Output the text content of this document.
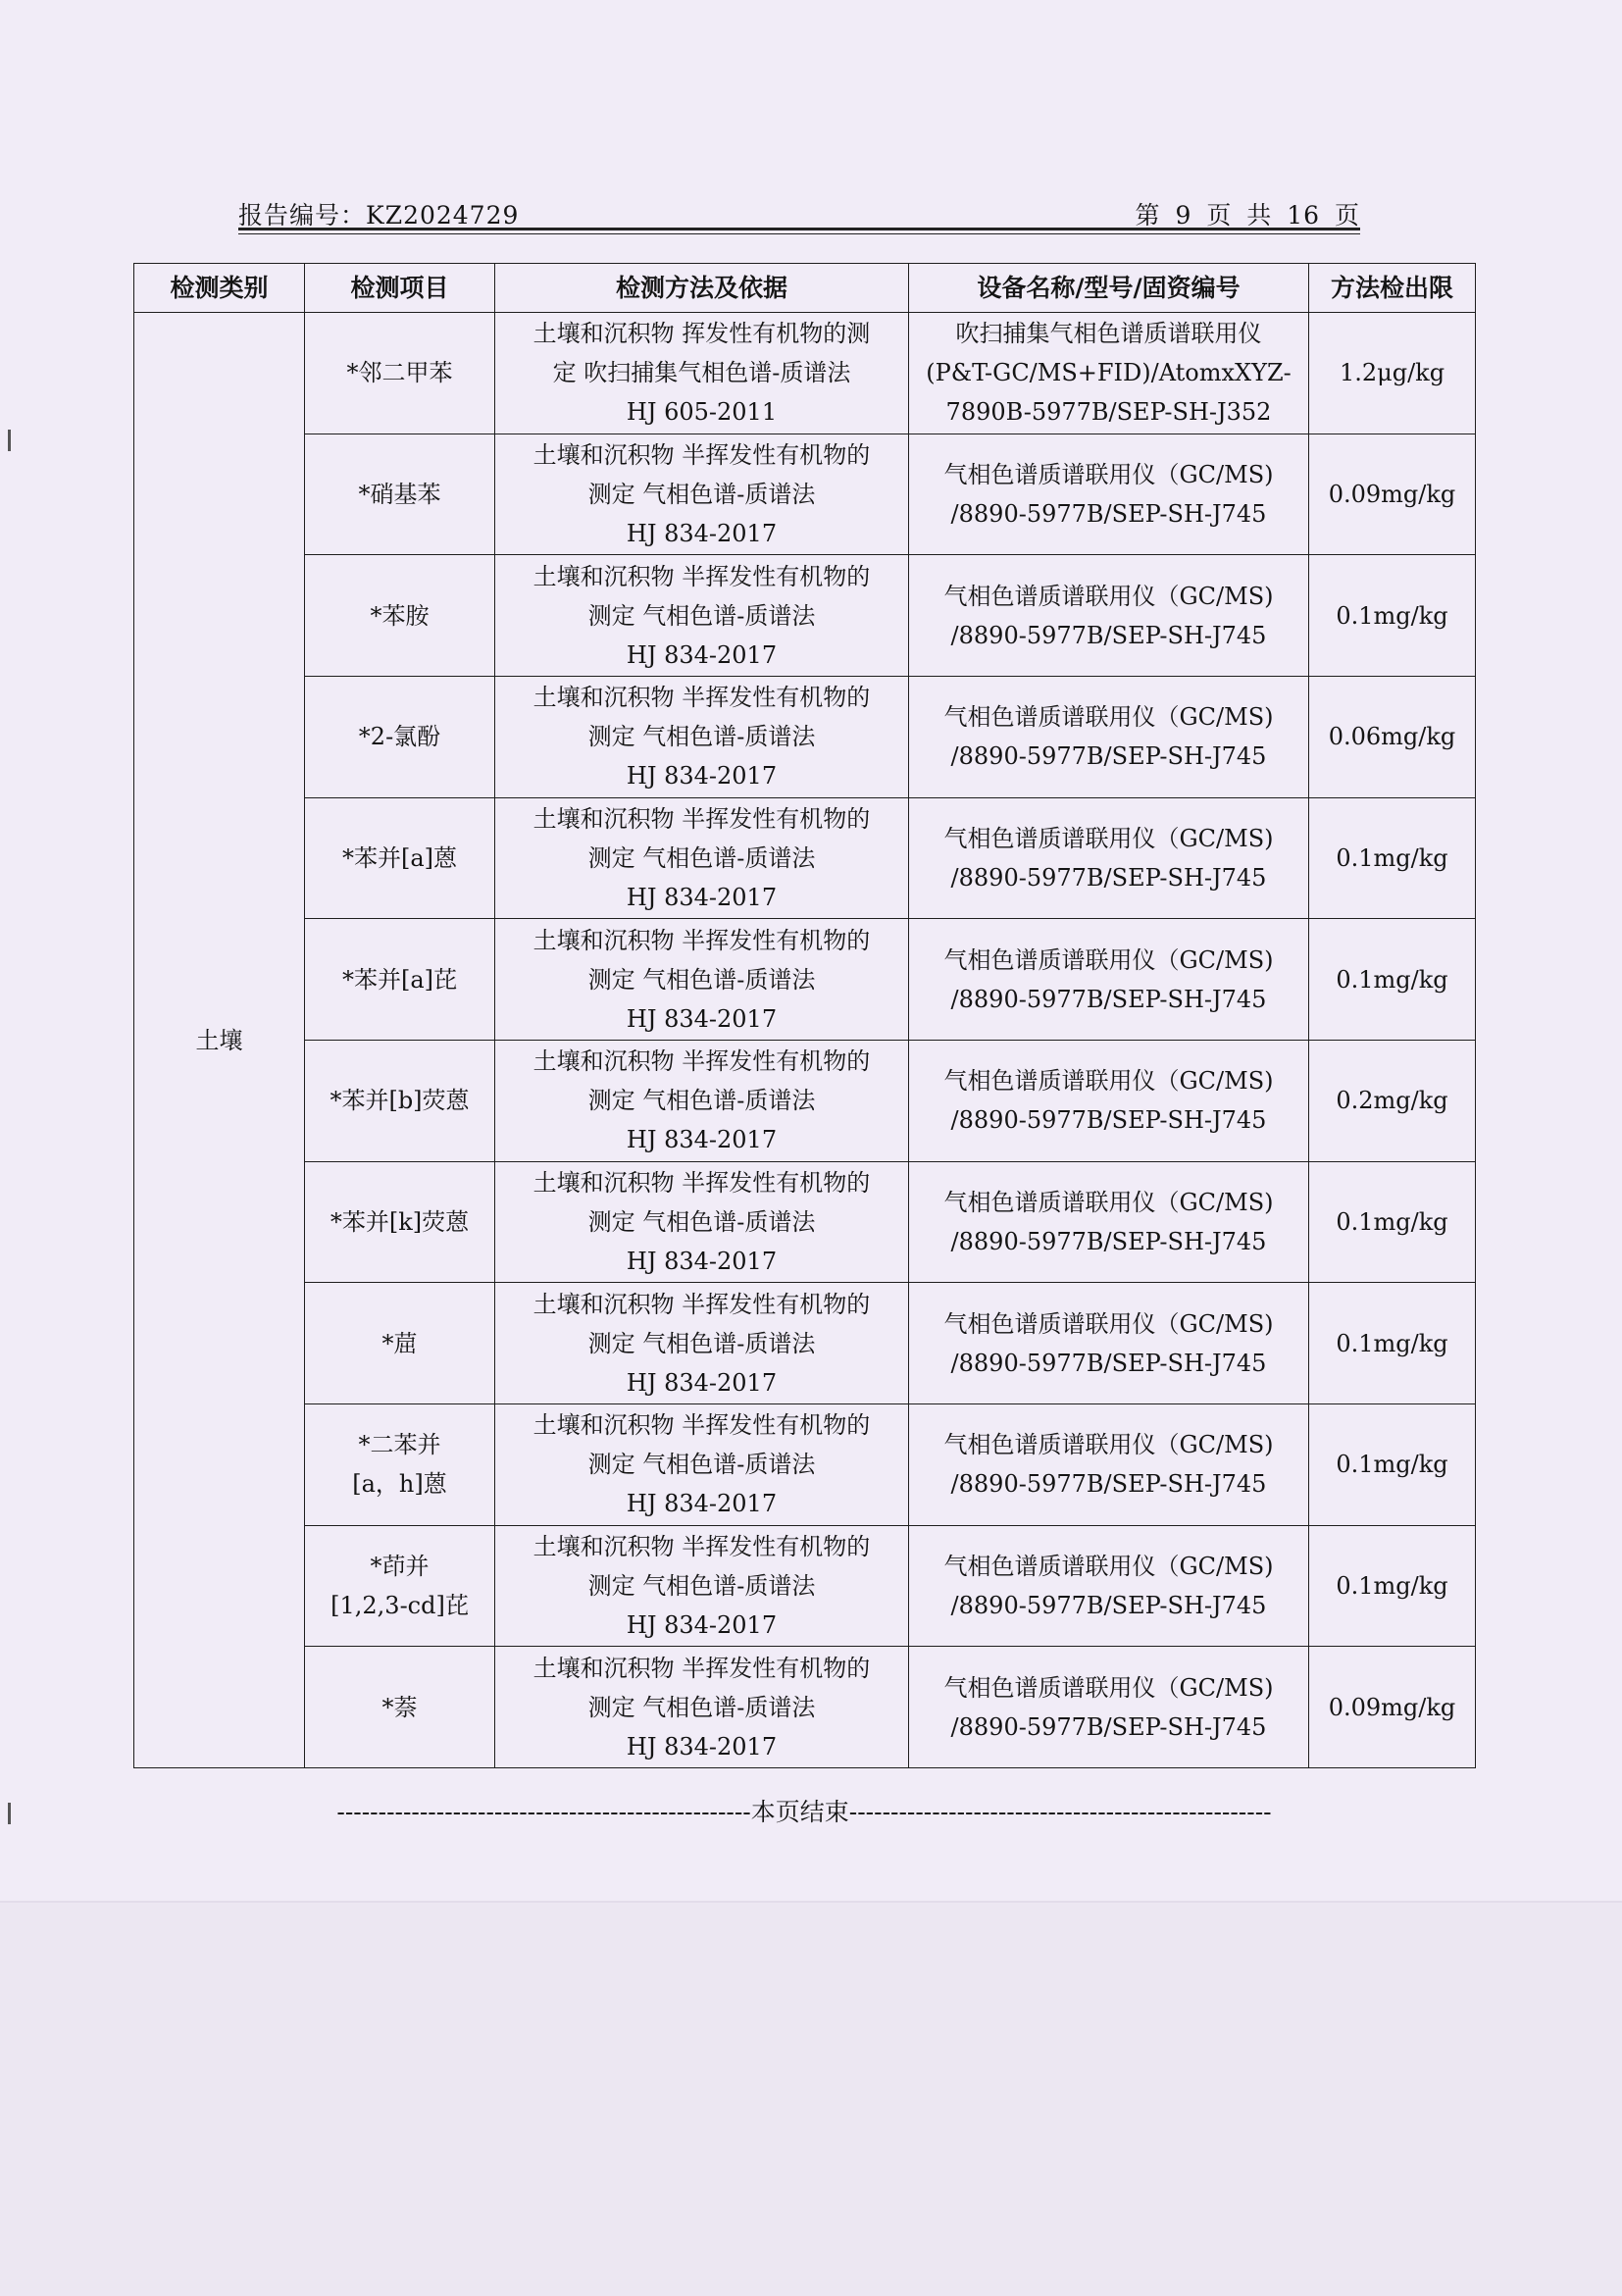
报告编号：KZ2024729	第 9 页 共 16 页
检测类别	检测项目	检测方法及依据	设备名称/型号/固资编号	方法检出限
土壤	*邻二甲苯	土壤和沉积物 挥发性有机物的测
定 吹扫捕集气相色谱-质谱法
HJ 605-2011	吹扫捕集气相色谱质谱联用仪
(P&T-GC/MS+FID)/AtomxXYZ-
7890B-5977B/SEP-SH-J352	1.2μg/kg

	*硝基苯	土壤和沉积物 半挥发性有机物的
测定 气相色谱-质谱法
HJ 834-2017	气相色谱质谱联用仪（GC/MS)
/8890-5977B/SEP-SH-J745	0.09mg/kg

	*苯胺	土壤和沉积物 半挥发性有机物的
测定 气相色谱-质谱法
HJ 834-2017	气相色谱质谱联用仪（GC/MS)
/8890-5977B/SEP-SH-J745	0.1mg/kg

	*2-氯酚	土壤和沉积物 半挥发性有机物的
测定 气相色谱-质谱法
HJ 834-2017	气相色谱质谱联用仪（GC/MS)
/8890-5977B/SEP-SH-J745	0.06mg/kg

	*苯并[a]蒽	土壤和沉积物 半挥发性有机物的
测定 气相色谱-质谱法
HJ 834-2017	气相色谱质谱联用仪（GC/MS)
/8890-5977B/SEP-SH-J745	0.1mg/kg

	*苯并[a]芘	土壤和沉积物 半挥发性有机物的
测定 气相色谱-质谱法
HJ 834-2017	气相色谱质谱联用仪（GC/MS)
/8890-5977B/SEP-SH-J745	0.1mg/kg

	*苯并[b]荧蒽	土壤和沉积物 半挥发性有机物的
测定 气相色谱-质谱法
HJ 834-2017	气相色谱质谱联用仪（GC/MS)
/8890-5977B/SEP-SH-J745	0.2mg/kg

	*苯并[k]荧蒽	土壤和沉积物 半挥发性有机物的
测定 气相色谱-质谱法
HJ 834-2017	气相色谱质谱联用仪（GC/MS)
/8890-5977B/SEP-SH-J745	0.1mg/kg

	*䓛	土壤和沉积物 半挥发性有机物的
测定 气相色谱-质谱法
HJ 834-2017	气相色谱质谱联用仪（GC/MS)
/8890-5977B/SEP-SH-J745	0.1mg/kg

	*二苯并
[a，h]蒽	土壤和沉积物 半挥发性有机物的
测定 气相色谱-质谱法
HJ 834-2017	气相色谱质谱联用仪（GC/MS)
/8890-5977B/SEP-SH-J745	0.1mg/kg

	*茚并
[1,2,3-cd]芘	土壤和沉积物 半挥发性有机物的
测定 气相色谱-质谱法
HJ 834-2017	气相色谱质谱联用仪（GC/MS)
/8890-5977B/SEP-SH-J745	0.1mg/kg

	*萘	土壤和沉积物 半挥发性有机物的
测定 气相色谱-质谱法
HJ 834-2017	气相色谱质谱联用仪（GC/MS)
/8890-5977B/SEP-SH-J745	0.09mg/kg
--------------------------------------------------本页结束---------------------------------------------------
